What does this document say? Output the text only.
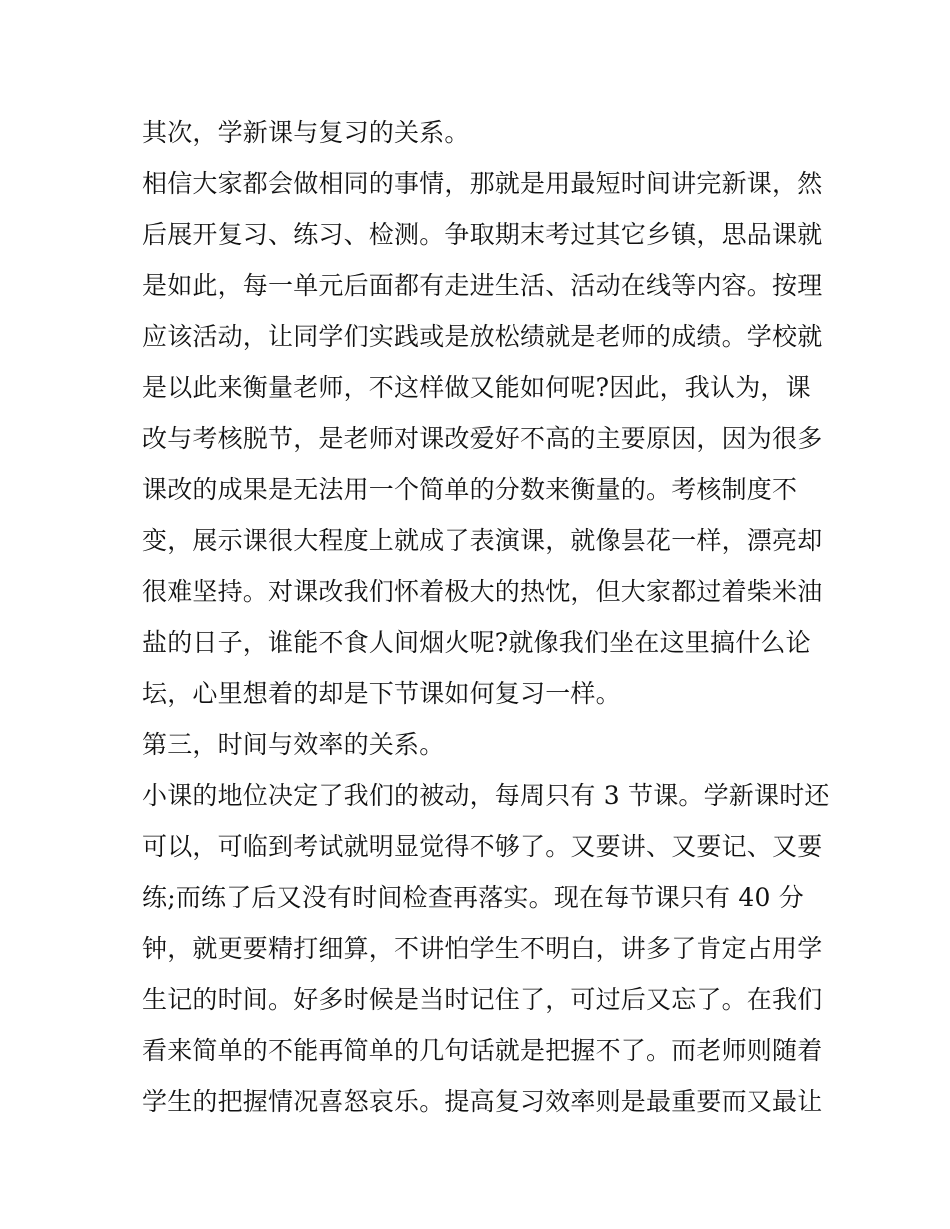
其次，学新课与复习的关系。
相信大家都会做相同的事情，那就是用最短时间讲完新课，然
后展开复习、练习、检测。争取期末考过其它乡镇，思品课就
是如此，每一单元后面都有走进生活、活动在线等内容。按理
应该活动，让同学们实践或是放松绩就是老师的成绩。学校就
是以此来衡量老师，不这样做又能如何呢?因此，我认为，课
改与考核脱节，是老师对课改爱好不高的主要原因，因为很多
课改的成果是无法用一个简单的分数来衡量的。考核制度不
变，展示课很大程度上就成了表演课，就像昙花一样，漂亮却
很难坚持。对课改我们怀着极大的热忱，但大家都过着柴米油
盐的日子，谁能不食人间烟火呢?就像我们坐在这里搞什么论
坛，心里想着的却是下节课如何复习一样。
第三，时间与效率的关系。
小课的地位决定了我们的被动，每周只有 3 节课。学新课时还
可以，可临到考试就明显觉得不够了。又要讲、又要记、又要
练;而练了后又没有时间检查再落实。现在每节课只有 40 分
钟，就更要精打细算，不讲怕学生不明白，讲多了肯定占用学
生记的时间。好多时候是当时记住了，可过后又忘了。在我们
看来简单的不能再简单的几句话就是把握不了。而老师则随着
学生的把握情况喜怒哀乐。提高复习效率则是最重要而又最让
